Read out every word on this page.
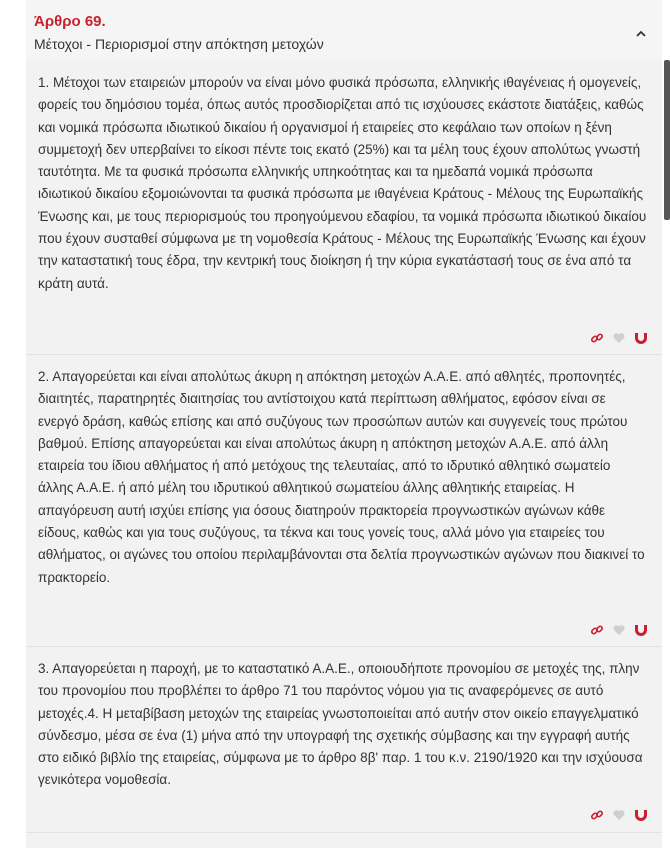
Άρθρο 69.
Μέτοχοι - Περιορισμοί στην απόκτηση μετοχών
1. Μέτοχοι των εταιρειών μπορούν να είναι μόνο φυσικά πρόσωπα, ελληνικής ιθαγένειας ή ομογενείς, φορείς του δημόσιου τομέα, όπως αυτός προσδιορίζεται από τις ισχύουσες εκάστοτε διατάξεις, καθώς και νομικά πρόσωπα ιδιωτικού δικαίου ή οργανισμοί ή εταιρείες στο κεφάλαιο των οποίων η ξένη συμμετοχή δεν υπερβαίνει το είκοσι πέντε τοις εκατό (25%) και τα μέλη τους έχουν απολύτως γνωστή ταυτότητα. Με τα φυσικά πρόσωπα ελληνικής υπηκοότητας και τα ημεδαπά νομικά πρόσωπα ιδιωτικού δικαίου εξομοιώνονται τα φυσικά πρόσωπα με ιθαγένεια Κράτους - Μέλους της Ευρωπαϊκής Ένωσης και, με τους περιορισμούς του προηγούμενου εδαφίου, τα νομικά πρόσωπα ιδιωτικού δικαίου που έχουν συσταθεί σύμφωνα με τη νομοθεσία Κράτους - Μέλους της Ευρωπαϊκής Ένωσης και έχουν την καταστατική τους έδρα, την κεντρική τους διοίκηση ή την κύρια εγκατάστασή τους σε ένα από τα κράτη αυτά.
2. Απαγορεύεται και είναι απολύτως άκυρη η απόκτηση μετοχών Α.Α.Ε. από αθλητές, προπονητές, διαιτητές, παρατηρητές διαιτησίας του αντίστοιχου κατά περίπτωση αθλήματος, εφόσον είναι σε ενεργό δράση, καθώς επίσης και από συζύγους των προσώπων αυτών και συγγενείς τους πρώτου βαθμού. Επίσης απαγορεύεται και είναι απολύτως άκυρη η απόκτηση μετοχών Α.Α.Ε. από άλλη εταιρεία του ίδιου αθλήματος ή από μετόχους της τελευταίας, από το ιδρυτικό αθλητικό σωματείο άλλης Α.Α.Ε. ή από μέλη του ιδρυτικού αθλητικού σωματείου άλλης αθλητικής εταιρείας. Η απαγόρευση αυτή ισχύει επίσης για όσους διατηρούν πρακτορεία προγνωστικών αγώνων κάθε είδους, καθώς και για τους συζύγους, τα τέκνα και τους γονείς τους, αλλά μόνο για εταιρείες του αθλήματος, οι αγώνες του οποίου περιλαμβάνονται στα δελτία προγνωστικών αγώνων που διακινεί το πρακτορείο.
3. Απαγορεύεται η παροχή, με το καταστατικό Α.Α.Ε., οποιουδήποτε προνομίου σε μετοχές της, πλην του προνομίου που προβλέπει το άρθρο 71 του παρόντος νόμου για τις αναφερόμενες σε αυτό μετοχές.4. Η μεταβίβαση μετοχών της εταιρείας γνωστοποιείται από αυτήν στον οικείο επαγγελματικό σύνδεσμο, μέσα σε ένα (1) μήνα από την υπογραφή της σχετικής σύμβασης και την εγγραφή αυτής στο ειδικό βιβλίο της εταιρείας, σύμφωνα με το άρθρο 8β' παρ. 1 του κ.ν. 2190/1920 και την ισχύουσα γενικότερα νομοθεσία.
